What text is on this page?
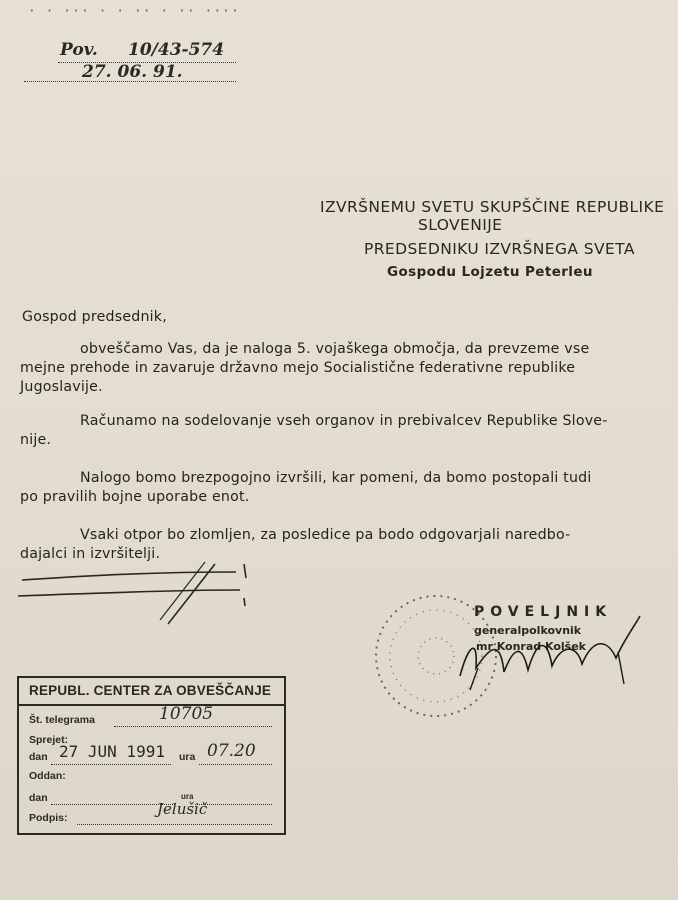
· · ··· · · ·· · ·· ····
Pov. 10/43-574
27. 06. 91.
IZVRŠNEMU SVETU SKUPŠČINE REPUBLIKE
SLOVENIJE
PREDSEDNIKU IZVRŠNEGA SVETA
Gospodu Lojzetu Peterleu
Gospod predsednik,
obveščamo Vas, da je naloga 5. vojaškega območja, da prevzeme vse
mejne prehode in zavaruje državno mejo Socialistične federativne republike
Jugoslavije.
Računamo na sodelovanje vseh organov in prebivalcev Republike Slove-
nije.
Nalogo bomo brezpogojno izvršili, kar pomeni, da bomo postopali tudi
po pravilih bojne uporabe enot.
Vsaki otpor bo zlomljen, za posledice pa bodo odgovarjali naredbo-
dajalci in izvršitelji.
POVELJNIK
generalpolkovnik
mr Konrad Kolšek
REPUBL. CENTER ZA OBVEŠČANJE
Št. telegrama	10705
Sprejet:
dan 27 JUN 1991 ura 07.20
Oddan:
dan	ura
Podpis:	Jelušič
